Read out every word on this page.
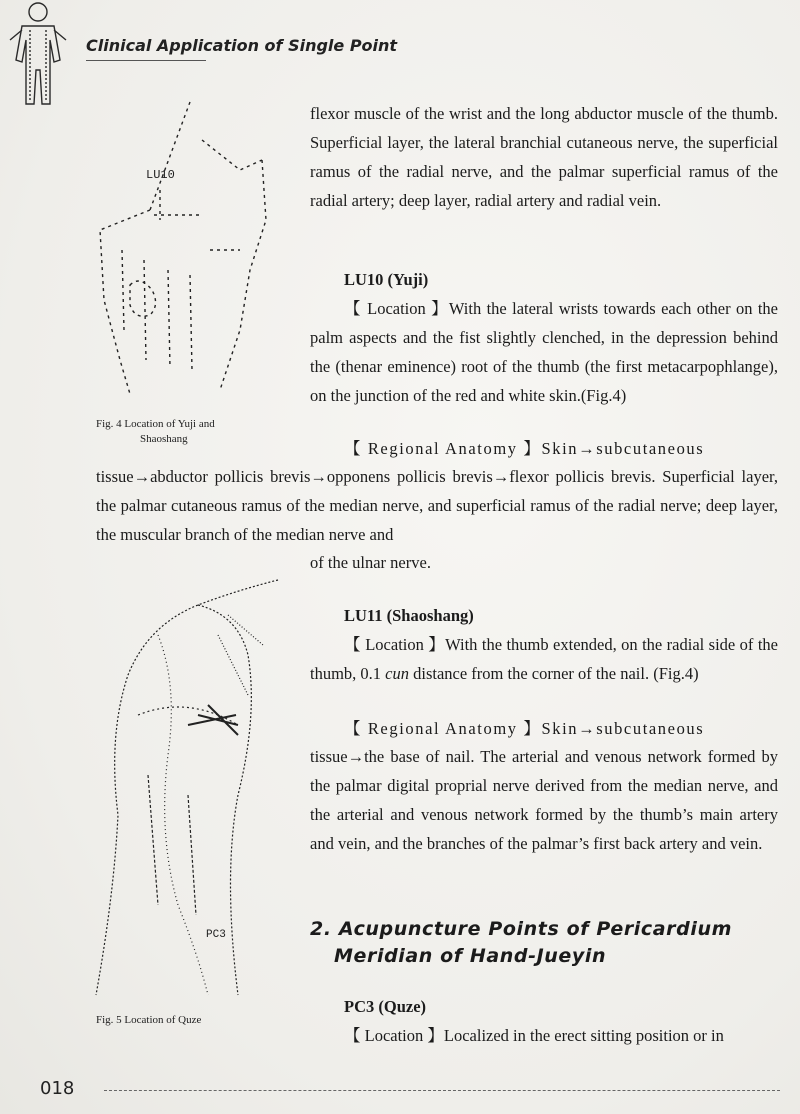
Clinical Application of Single Point
LU10
Fig. 4 Location of Yuji and
Shaoshang
PC3
Fig. 5 Location of Quze

flexor muscle of the wrist and the long abductor muscle of the thumb. Superficial layer, the lateral branchial cutaneous nerve, the superficial ramus of the radial nerve, and the palmar superficial ramus of the radial artery; deep layer, radial artery and radial vein.

LU10 (Yuji)

【 Location 】With the lateral wrists towards each other on the palm aspects and the fist slightly clenched, in the depression behind the (thenar eminence) root of the thumb (the first metacarpophlange), on the junction of the red and white skin.(Fig.4)

【 Regional Anatomy 】Skin→subcutaneous

tissue→abductor pollicis brevis→opponens pollicis brevis→flexor pollicis brevis. Superficial layer, the palmar cutaneous ramus of the median nerve, and superficial ramus of the radial nerve; deep layer, the muscular branch of the median nerve and

of the ulnar nerve.

LU11 (Shaoshang)

【 Location 】With the thumb extended, on the radial side of the thumb, 0.1 cun distance from the corner of the nail. (Fig.4)

【 Regional Anatomy 】Skin→subcutaneous

tissue→the base of nail. The arterial and venous network formed by the palmar digital proprial nerve derived from the median nerve, and the arterial and venous network formed by the thumb’s main artery and vein, and the branches of the palmar’s first back artery and vein.

2. Acupuncture Points of Pericardium
Meridian of Hand-Jueyin
PC3 (Quze)

【 Location 】Localized in the erect sitting position or in

018
